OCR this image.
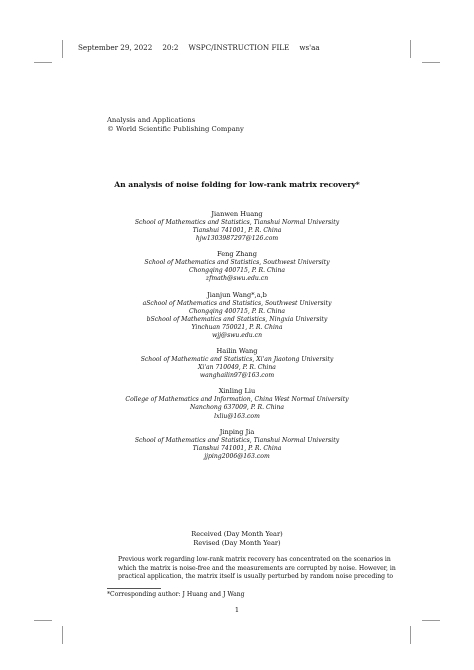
September 29, 2022 20:2 WSPC/INSTRUCTION FILE ws'aa
Analysis and Applications
© World Scientific Publishing Company
An analysis of noise folding for low-rank matrix recovery*
Jianwen Huang
School of Mathematics and Statistics, Tianshui Normal University
Tianshui 741001, P. R. China
hjw1303987297@126.com
Feng Zhang
School of Mathematics and Statistics, Southwest University
Chongqing 400715, P. R. China
zfmath@swu.edu.cn
Jianjun Wang*,a,b
aSchool of Mathematics and Statistics, Southwest University
Chongqing 400715, P. R. China
bSchool of Mathematics and Statistics, Ningxia University
Yinchuan 750021, P. R. China
wjj@swu.edu.cn
Hailin Wang
School of Mathematic and Statistics, Xi'an Jiaotong University
Xi'an 710049, P. R. China
wanghailin97@163.com
Xinling Liu
College of Mathematics and Information, China West Normal University
Nanchong 637009, P. R. China
lxliu@163.com
Jinping Jia
School of Mathematics and Statistics, Tianshui Normal University
Tianshui 741001, P. R. China
jjping2006@163.com
Received (Day Month Year)
Revised (Day Month Year)
Previous work regarding low-rank matrix recovery has concentrated on the scenarios in
which the matrix is noise-free and the measurements are corrupted by noise. However, in
practical application, the matrix itself is usually perturbed by random noise preceding to
*Corresponding author: J Huang and J Wang
1
